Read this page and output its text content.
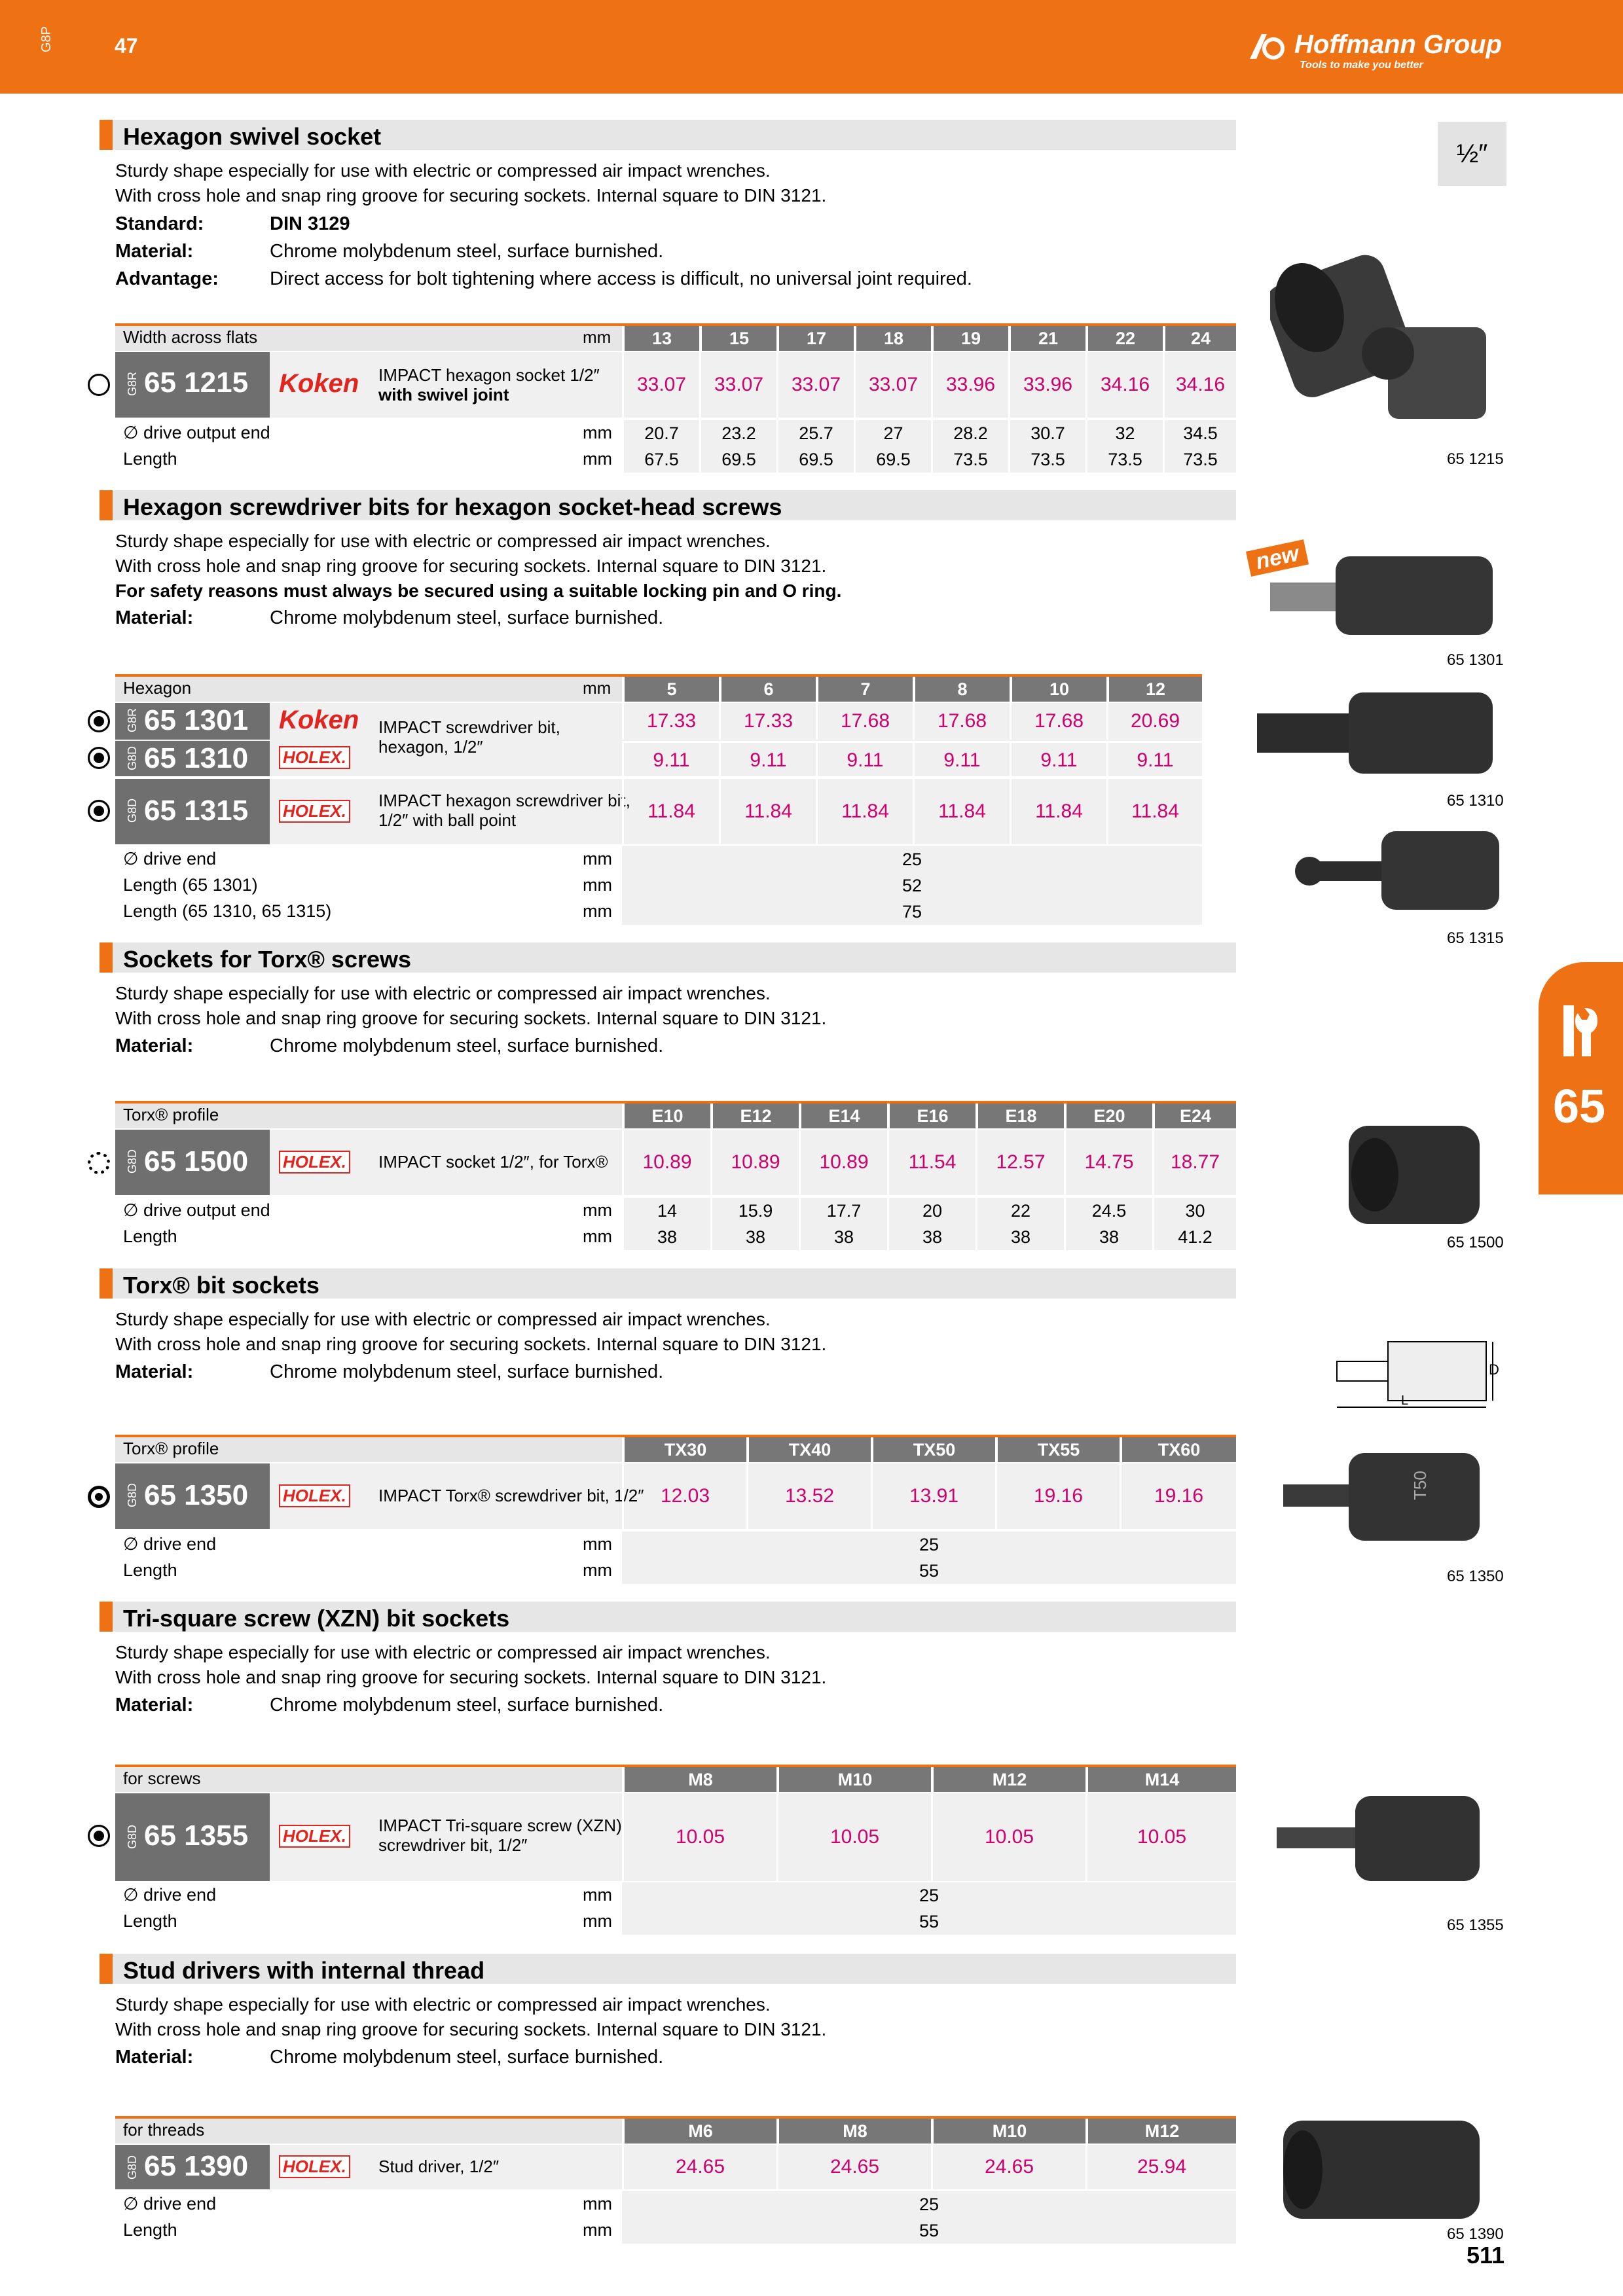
G8P	47	Hoffmann Group
Tools to make you better
½″
65
Hexagon swivel socket
Sturdy shape especially for use with electric or compressed air impact wrenches.
With cross hole and snap ring groove for securing sockets. Internal square to DIN 3121.
Standard:	DIN 3129
Material:	Chrome molybdenum steel, surface burnished.
Advantage:	Direct access for bolt tightening where access is difficult, no universal joint required.
Width across flats	mm	13	15	17	18	19	21	22	24
G8R 65 1215 Koken IMPACT hexagon socket 1/2″
with swivel joint	33.07	33.07	33.07	33.07	33.96	33.96	34.16	34.16
∅ drive output end	mm	20.7	23.2	25.7	27	28.2	30.7	32	34.5
Length	mm	67.5	69.5	69.5	69.5	73.5	73.5	73.5	73.5	65 1215
Hexagon screwdriver bits for hexagon socket-head screws
Sturdy shape especially for use with electric or compressed air impact wrenches.
With cross hole and snap ring groove for securing sockets. Internal square to DIN 3121.
For safety reasons must always be secured using a suitable locking pin and O ring.
Material:	Chrome molybdenum steel, surface burnished.
new
Hexagon	mm	5	6	7	8	10	12
G8R 65 1301
G8D 65 1310
Koken
HOLEX.
IMPACT screwdriver bit,
hexagon, 1/2″
17.33	17.33	17.68	17.68	17.68	20.69
9.11	9.11	9.11	9.11	9.11	9.11
G8D 65 1315 HOLEX.
IMPACT hexagon screwdriver bit,
1/2″ with ball point	11.84	11.84	11.84	11.84	11.84	11.84
∅ drive end	mm	25
Length (65 1301)	mm	52
Length (65 1310, 65 1315)	mm	75
65 1301
65 1310
65 1315
Sockets for Torx® screws
Sturdy shape especially for use with electric or compressed air impact wrenches.
With cross hole and snap ring groove for securing sockets. Internal square to DIN 3121.
Material:	Chrome molybdenum steel, surface burnished.
Torx® profile	E10	E12	E14	E16	E18	E20	E24
G8D 65 1500 HOLEX. IMPACT socket 1/2″, for Torx®	10.89	10.89	10.89	11.54	12.57	14.75	18.77
∅ drive output end	mm	14	15.9	17.7	20	22	24.5	30
Length	mm	38	38	38	38	38	38	41.2	65 1500
Torx® bit sockets
Sturdy shape especially for use with electric or compressed air impact wrenches.
With cross hole and snap ring groove for securing sockets. Internal square to DIN 3121.
Material:	Chrome molybdenum steel, surface burnished.	D
L
Torx® profile	TX30	TX40	TX50	TX55	TX60
G8D 65 1350 HOLEX. IMPACT Torx® screwdriver bit, 1/2″ 12.03	13.52	13.91	19.16	19.16
∅ drive end	mm	25
Length	mm	55
T50
65 1350
Tri-square screw (XZN) bit sockets
Sturdy shape especially for use with electric or compressed air impact wrenches.
With cross hole and snap ring groove for securing sockets. Internal square to DIN 3121.
Material:	Chrome molybdenum steel, surface burnished.
for screws	M8	M10	M12	M14
G8D 65 1355 HOLEX.
IMPACT Tri-square screw (XZN)
screwdriver bit, 1/2″	10.05	10.05	10.05	10.05
∅ drive end	mm	25
Length	mm	55	65 1355
Stud drivers with internal thread
Sturdy shape especially for use with electric or compressed air impact wrenches.
With cross hole and snap ring groove for securing sockets. Internal square to DIN 3121.
Material:	Chrome molybdenum steel, surface burnished.
for threads	M6	M8	M10	M12
G8D 65 1390 HOLEX. Stud driver, 1/2″	24.65	24.65	24.65	25.94
∅ drive end	mm	25
Length	mm	55	65 1390
511
